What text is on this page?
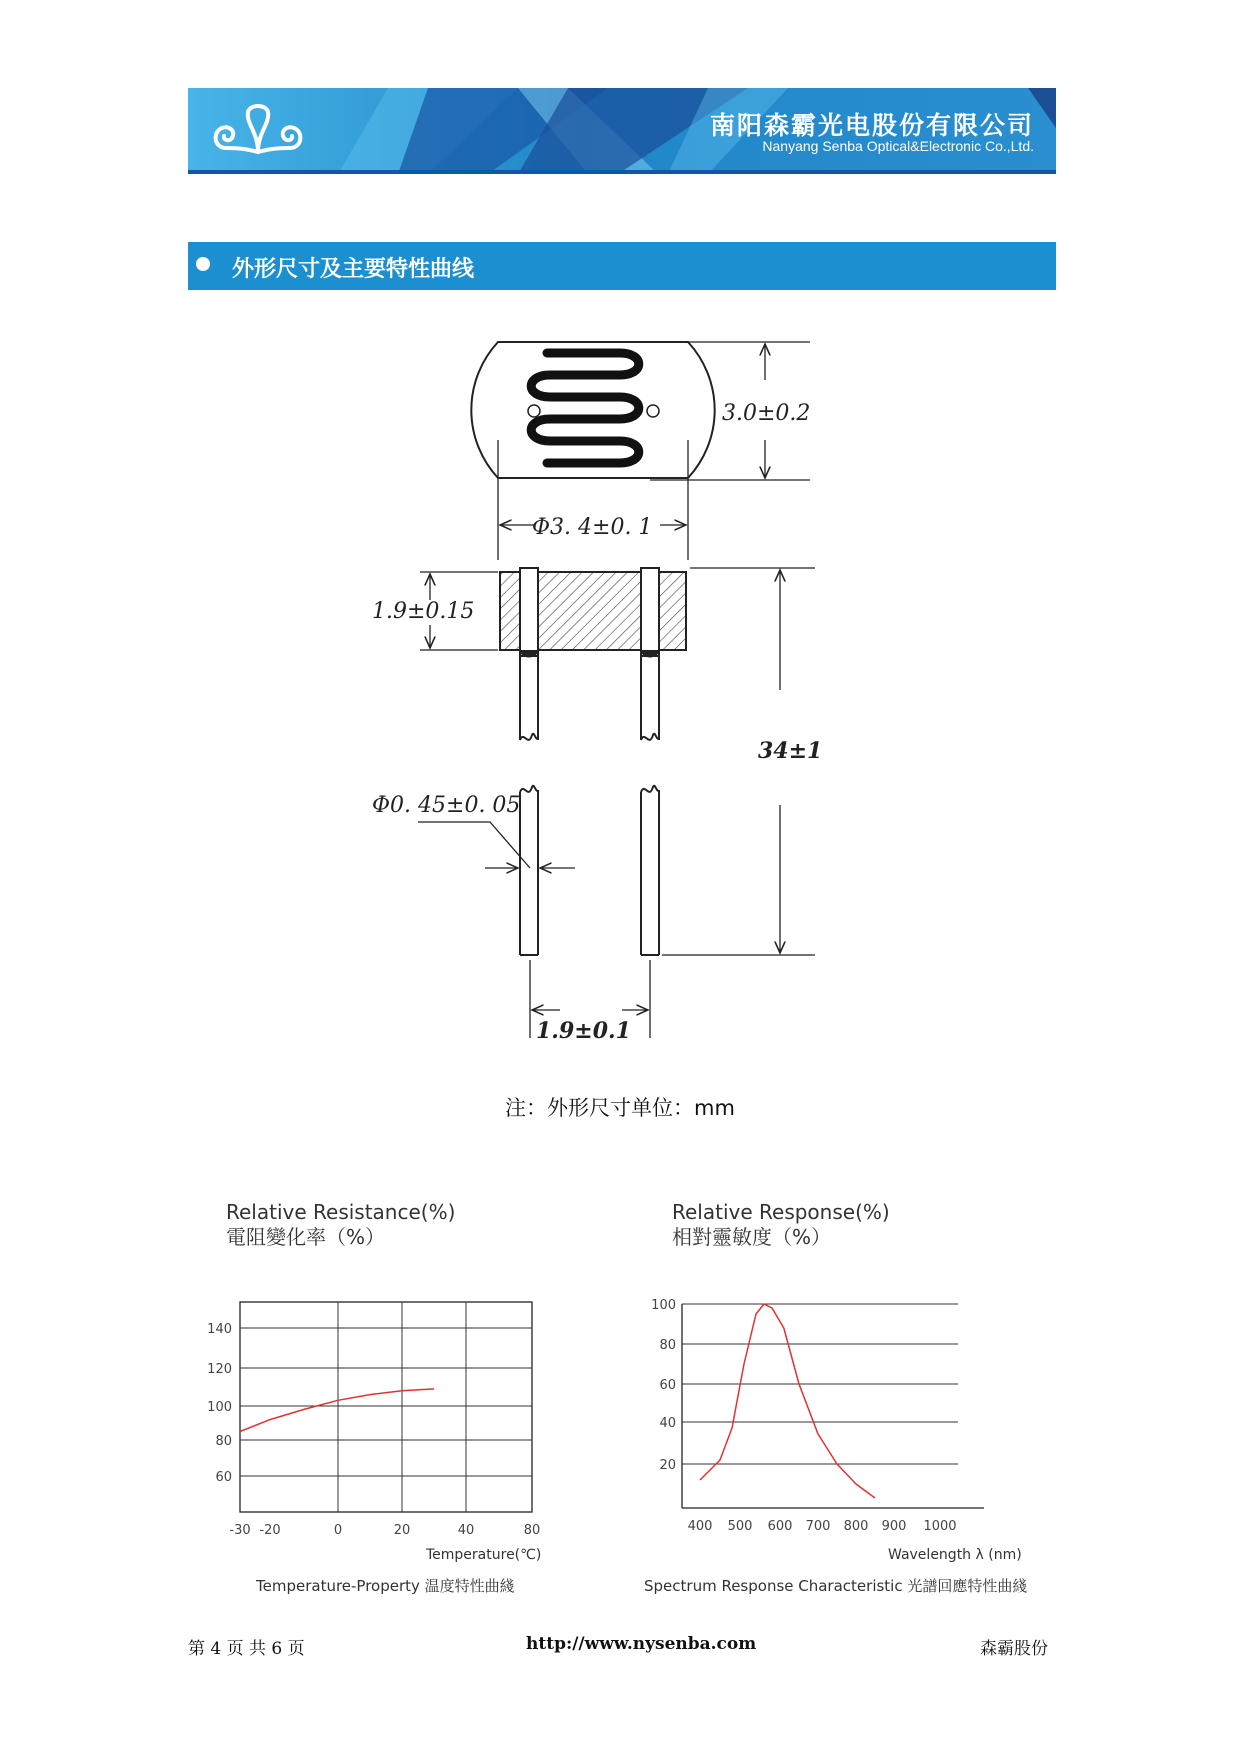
南阳森霸光电股份有限公司
Nanyang Senba Optical&Electronic Co.,Ltd.
外形尺寸及主要特性曲线
3.0±0.2
Φ3. 4±0. 1
1.9±0.15
34±1
Φ0. 45±0. 05
1.9±0.1
注：外形尺寸单位：mm
Relative Resistance(%)
電阻變化率（%）
140
120
100
80
60
-30 -20	0	20	40	80
Temperature(℃)
Temperature-Property 温度特性曲綫
Relative Response(%)
相對靈敏度（%）
100
80
60
40
20
400 500 600 700 800 900 1000
Wavelength λ (nm)
Spectrum Response Characteristic 光譜回應特性曲綫
第 4 页 共 6 页	http://www.nysenba.com	森霸股份
